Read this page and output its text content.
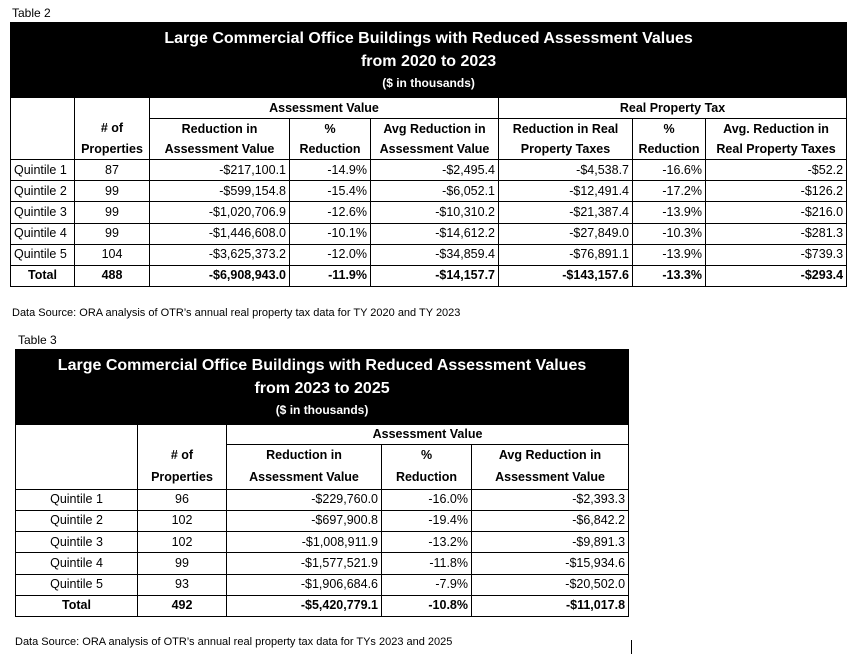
Table 2
Large Commercial Office Buildings with Reduced Assessment Values
from 2020 to 2023
($ in thousands)							

		Assessment Value			Real Property Tax		
	# of	Reduction in	%	Avg Reduction in	Reduction in Real	%	Avg. Reduction in
	Properties	Assessment Value	Reduction	Assessment Value	Property Taxes	Reduction	Real Property Taxes
Quintile 1	87	-$217,100.1	-14.9%	-$2,495.4	-$4,538.7	-16.6%	-$52.2
Quintile 2	99	-$599,154.8	-15.4%	-$6,052.1	-$12,491.4	-17.2%	-$126.2
Quintile 3	99	-$1,020,706.9	-12.6%	-$10,310.2	-$21,387.4	-13.9%	-$216.0
Quintile 4	99	-$1,446,608.0	-10.1%	-$14,612.2	-$27,849.0	-10.3%	-$281.3
Quintile 5	104	-$3,625,373.2	-12.0%	-$34,859.4	-$76,891.1	-13.9%	-$739.3
Total	488	-$6,908,943.0	-11.9%	-$14,157.7	-$143,157.6	-13.3%	-$293.4
Data Source: ORA analysis of OTR’s annual real property tax data for TY 2020 and TY 2023
Table 3
Large Commercial Office Buildings with Reduced Assessment Values
from 2023 to 2025
($ in thousands)				

		Assessment Value		
	# of	Reduction in	%	Avg Reduction in
	Properties	Assessment Value	Reduction	Assessment Value
Quintile 1	96	-$229,760.0	-16.0%	-$2,393.3
Quintile 2	102	-$697,900.8	-19.4%	-$6,842.2
Quintile 3	102	-$1,008,911.9	-13.2%	-$9,891.3
Quintile 4	99	-$1,577,521.9	-11.8%	-$15,934.6
Quintile 5	93	-$1,906,684.6	-7.9%	-$20,502.0
Total	492	-$5,420,779.1	-10.8%	-$11,017.8
Data Source: ORA analysis of OTR’s annual real property tax data for TYs 2023 and 2025
